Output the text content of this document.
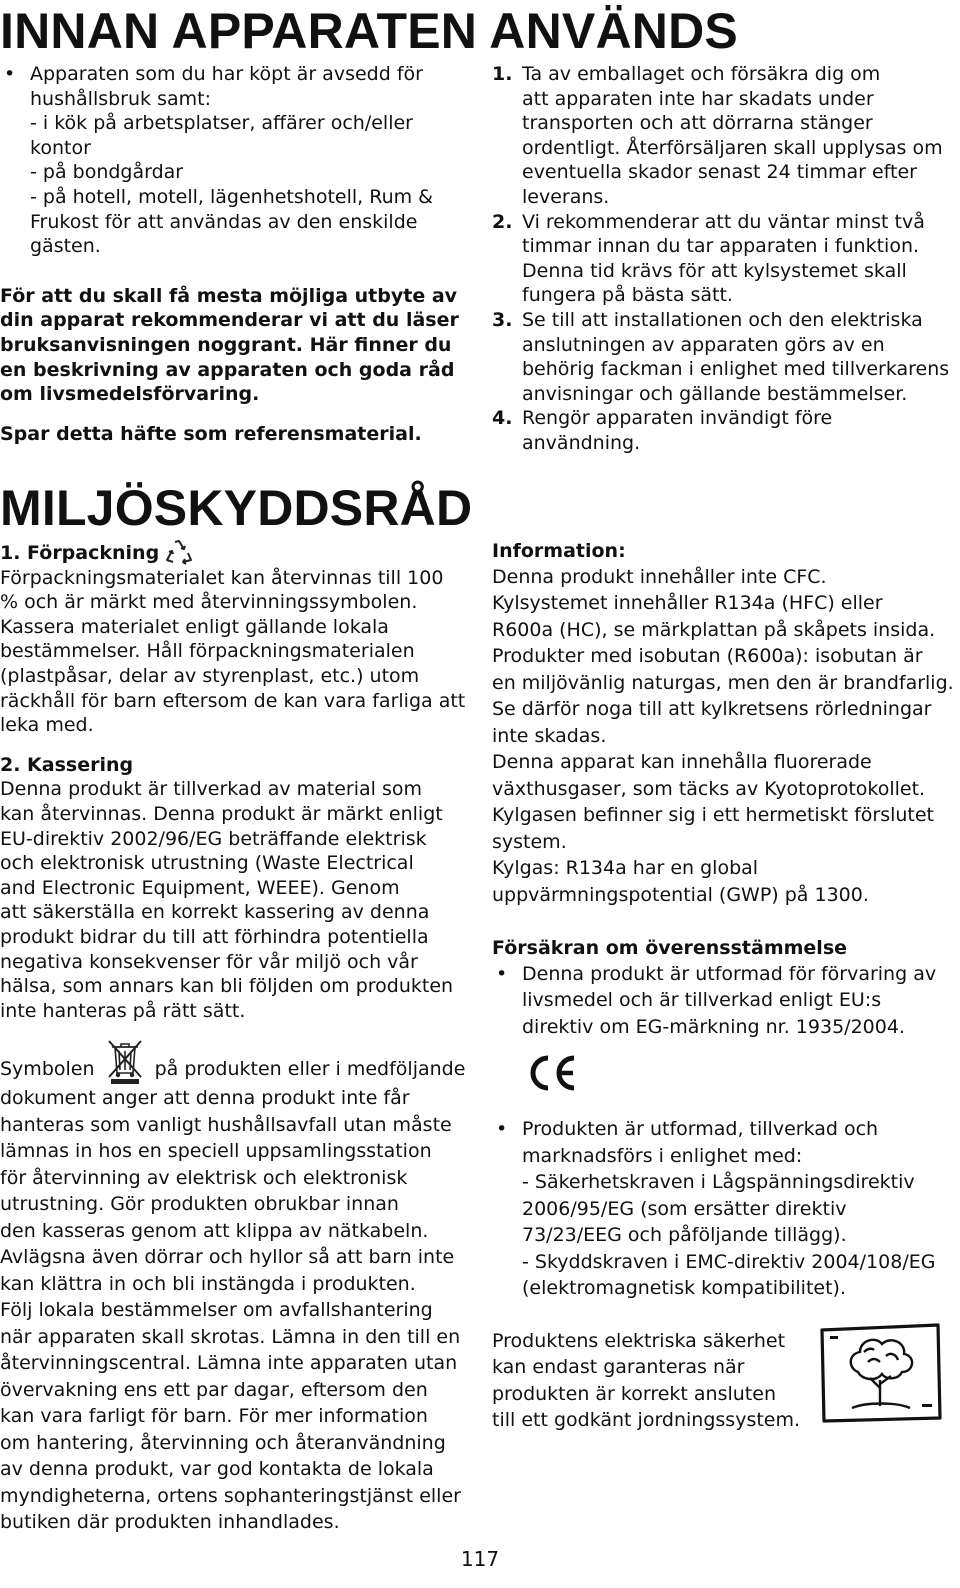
INNAN APPARATEN ANVÄNDS
• Apparaten som du har köpt är avsedd för
hushållsbruk samt:
- i kök på arbetsplatser, affärer och/eller
kontor
- på bondgårdar
- på hotell, motell, lägenhetshotell, Rum &
Frukost för att användas av den enskilde
gästen.

För att du skall få mesta möjliga utbyte av
din apparat rekommenderar vi att du läser
bruksanvisningen noggrant. Här finner du
en beskrivning av apparaten och goda råd
om livsmedelsförvaring.

Spar detta häfte som referensmaterial.

1. Ta av emballaget och försäkra dig om
att apparaten inte har skadats under
transporten och att dörrarna stänger
ordentligt. Återförsäljaren skall upplysas om
eventuella skador senast 24 timmar efter
leverans.
2. Vi rekommenderar att du väntar minst två
timmar innan du tar apparaten i funktion.
Denna tid krävs för att kylsystemet skall
fungera på bästa sätt.
3. Se till att installationen och den elektriska
anslutningen av apparaten görs av en
behörig fackman i enlighet med tillverkarens
anvisningar och gällande bestämmelser.
4. Rengör apparaten invändigt före
användning.
MILJÖSKYDDSRÅD

1. Förpackning

Förpackningsmaterialet kan återvinnas till 100
% och är märkt med återvinningssymbolen.
Kassera materialet enligt gällande lokala
bestämmelser. Håll förpackningsmaterialen
(plastpåsar, delar av styrenplast, etc.) utom
räckhåll för barn eftersom de kan vara farliga att
leka med.

2. Kassering

Denna produkt är tillverkad av material som
kan återvinnas. Denna produkt är märkt enligt
EU-direktiv 2002/96/EG beträffande elektrisk
och elektronisk utrustning (Waste Electrical
and Electronic Equipment, WEEE). Genom
att säkerställa en korrekt kassering av denna
produkt bidrar du till att förhindra potentiella
negativa konsekvenser för vår miljö och vår
hälsa, som annars kan bli följden om produkten
inte hanteras på rätt sätt.

Symbolen	på produkten eller i medföljande

dokument anger att denna produkt inte får
hanteras som vanligt hushållsavfall utan måste
lämnas in hos en speciell uppsamlingsstation
för återvinning av elektrisk och elektronisk
utrustning. Gör produkten obrukbar innan
den kasseras genom att klippa av nätkabeln.
Avlägsna även dörrar och hyllor så att barn inte
kan klättra in och bli instängda i produkten.
Följ lokala bestämmelser om avfallshantering
när apparaten skall skrotas. Lämna in den till en
återvinningscentral. Lämna inte apparaten utan
övervakning ens ett par dagar, eftersom den
kan vara farligt för barn. För mer information
om hantering, återvinning och återanvändning
av denna produkt, var god kontakta de lokala
myndigheterna, ortens sophanteringstjänst eller
butiken där produkten inhandlades.

Information:

Denna produkt innehåller inte CFC.
Kylsystemet innehåller R134a (HFC) eller
R600a (HC), se märkplattan på skåpets insida.
Produkter med isobutan (R600a): isobutan är
en miljövänlig naturgas, men den är brandfarlig.
Se därför noga till att kylkretsens rörledningar
inte skadas.
Denna apparat kan innehålla fluorerade
växthusgaser, som täcks av Kyotoprotokollet.
Kylgasen befinner sig i ett hermetiskt förslutet
system.
Kylgas: R134a har en global
uppvärmningspotential (GWP) på 1300.

Försäkran om överensstämmelse

• Denna produkt är utformad för förvaring av
livsmedel och är tillverkad enligt EU:s
direktiv om EG-märkning nr. 1935/2004.
• Produkten är utformad, tillverkad och
marknadsförs i enlighet med:
- Säkerhetskraven i Lågspänningsdirektiv
2006/95/EG (som ersätter direktiv
73/23/EEG och påföljande tillägg).
- Skyddskraven i EMC-direktiv 2004/108/EG
(elektromagnetisk kompatibilitet).

Produktens elektriska säkerhet
kan endast garanteras när
produkten är korrekt ansluten
till ett godkänt jordningssystem.

117
